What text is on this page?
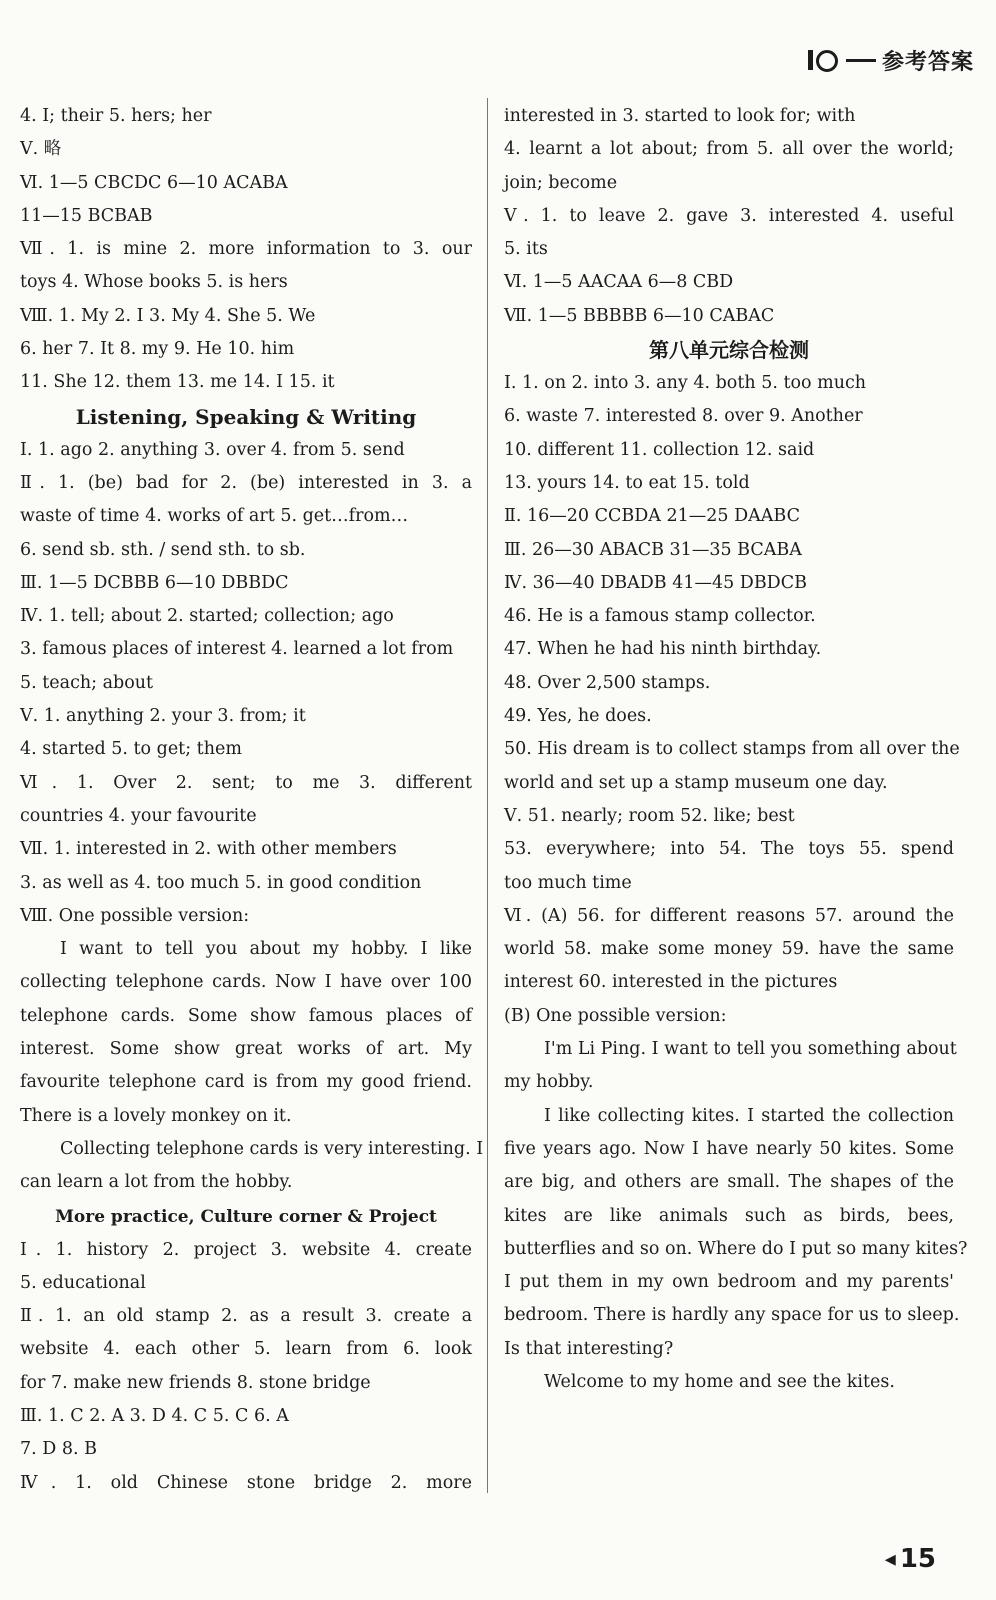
参考答案
4. I; their 5. hers; her
Ⅴ. 略
Ⅵ. 1—5 CBCDC 6—10 ACABA
11—15 BCBAB
Ⅶ. 1. is mine 2. more information to 3. our
toys 4. Whose books 5. is hers
Ⅷ. 1. My 2. I 3. My 4. She 5. We
6. her 7. It 8. my 9. He 10. him
11. She 12. them 13. me 14. I 15. it
Listening, Speaking & Writing
Ⅰ. 1. ago 2. anything 3. over 4. from 5. send
Ⅱ. 1. (be) bad for 2. (be) interested in 3. a
waste of time 4. works of art 5. get…from…
6. send sb. sth. / send sth. to sb.
Ⅲ. 1—5 DCBBB 6—10 DBBDC
Ⅳ. 1. tell; about 2. started; collection; ago
3. famous places of interest 4. learned a lot from
5. teach; about
Ⅴ. 1. anything 2. your 3. from; it
4. started 5. to get; them
Ⅵ. 1. Over 2. sent; to me 3. different
countries 4. your favourite
Ⅶ. 1. interested in 2. with other members
3. as well as 4. too much 5. in good condition
Ⅷ. One possible version:
I want to tell you about my hobby. I like
collecting telephone cards. Now I have over 100
telephone cards. Some show famous places of
interest. Some show great works of art. My
favourite telephone card is from my good friend.
There is a lovely monkey on it.
Collecting telephone cards is very interesting. I
can learn a lot from the hobby.
More practice, Culture corner & Project
Ⅰ. 1. history 2. project 3. website 4. create
5. educational
Ⅱ. 1. an old stamp 2. as a result 3. create a
website 4. each other 5. learn from 6. look
for 7. make new friends 8. stone bridge
Ⅲ. 1. C 2. A 3. D 4. C 5. C 6. A
7. D 8. B
Ⅳ. 1. old Chinese stone bridge 2. more
interested in 3. started to look for; with
4. learnt a lot about; from 5. all over the world;
join; become
Ⅴ. 1. to leave 2. gave 3. interested 4. useful
5. its
Ⅵ. 1—5 AACAA 6—8 CBD
Ⅶ. 1—5 BBBBB 6—10 CABAC
第八单元综合检测
Ⅰ. 1. on 2. into 3. any 4. both 5. too much
6. waste 7. interested 8. over 9. Another
10. different 11. collection 12. said
13. yours 14. to eat 15. told
Ⅱ. 16—20 CCBDA 21—25 DAABC
Ⅲ. 26—30 ABACB 31—35 BCABA
Ⅳ. 36—40 DBADB 41—45 DBDCB
46. He is a famous stamp collector.
47. When he had his ninth birthday.
48. Over 2,500 stamps.
49. Yes, he does.
50. His dream is to collect stamps from all over the
world and set up a stamp museum one day.
Ⅴ. 51. nearly; room 52. like; best
53. everywhere; into 54. The toys 55. spend
too much time
Ⅵ. (A) 56. for different reasons 57. around the
world 58. make some money 59. have the same
interest 60. interested in the pictures
(B) One possible version:
I'm Li Ping. I want to tell you something about
my hobby.
I like collecting kites. I started the collection
five years ago. Now I have nearly 50 kites. Some
are big, and others are small. The shapes of the
kites are like animals such as birds, bees,
butterflies and so on. Where do I put so many kites?
I put them in my own bedroom and my parents'
bedroom. There is hardly any space for us to sleep.
Is that interesting?
Welcome to my home and see the kites.
◂ 15
